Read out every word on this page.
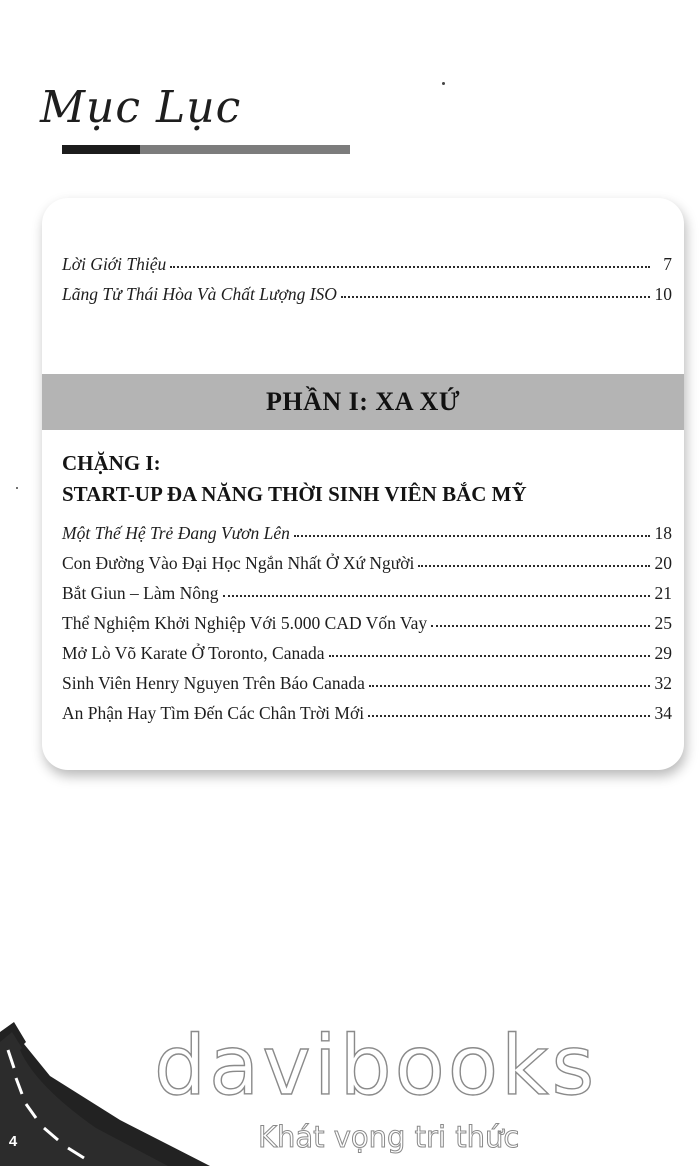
Mục Lục
Lời Giới Thiệu	7
Lãng Tử Thái Hòa Và Chất Lượng ISO	10
PHẦN I: XA XỨ
CHẶNG I:
START-UP ĐA NĂNG THỜI SINH VIÊN BẮC MỸ
Một Thế Hệ Trẻ Đang Vươn Lên	18
Con Đường Vào Đại Học Ngắn Nhất Ở Xứ Người	20
Bắt Giun – Làm Nông	21
Thể Nghiệm Khởi Nghiệp Với 5.000 CAD Vốn Vay	25
Mở Lò Võ Karate Ở Toronto, Canada	29
Sinh Viên Henry Nguyen Trên Báo Canada	32
An Phận Hay Tìm Đến Các Chân Trời Mới	34
4
davibooks
Khát vọng tri thức
